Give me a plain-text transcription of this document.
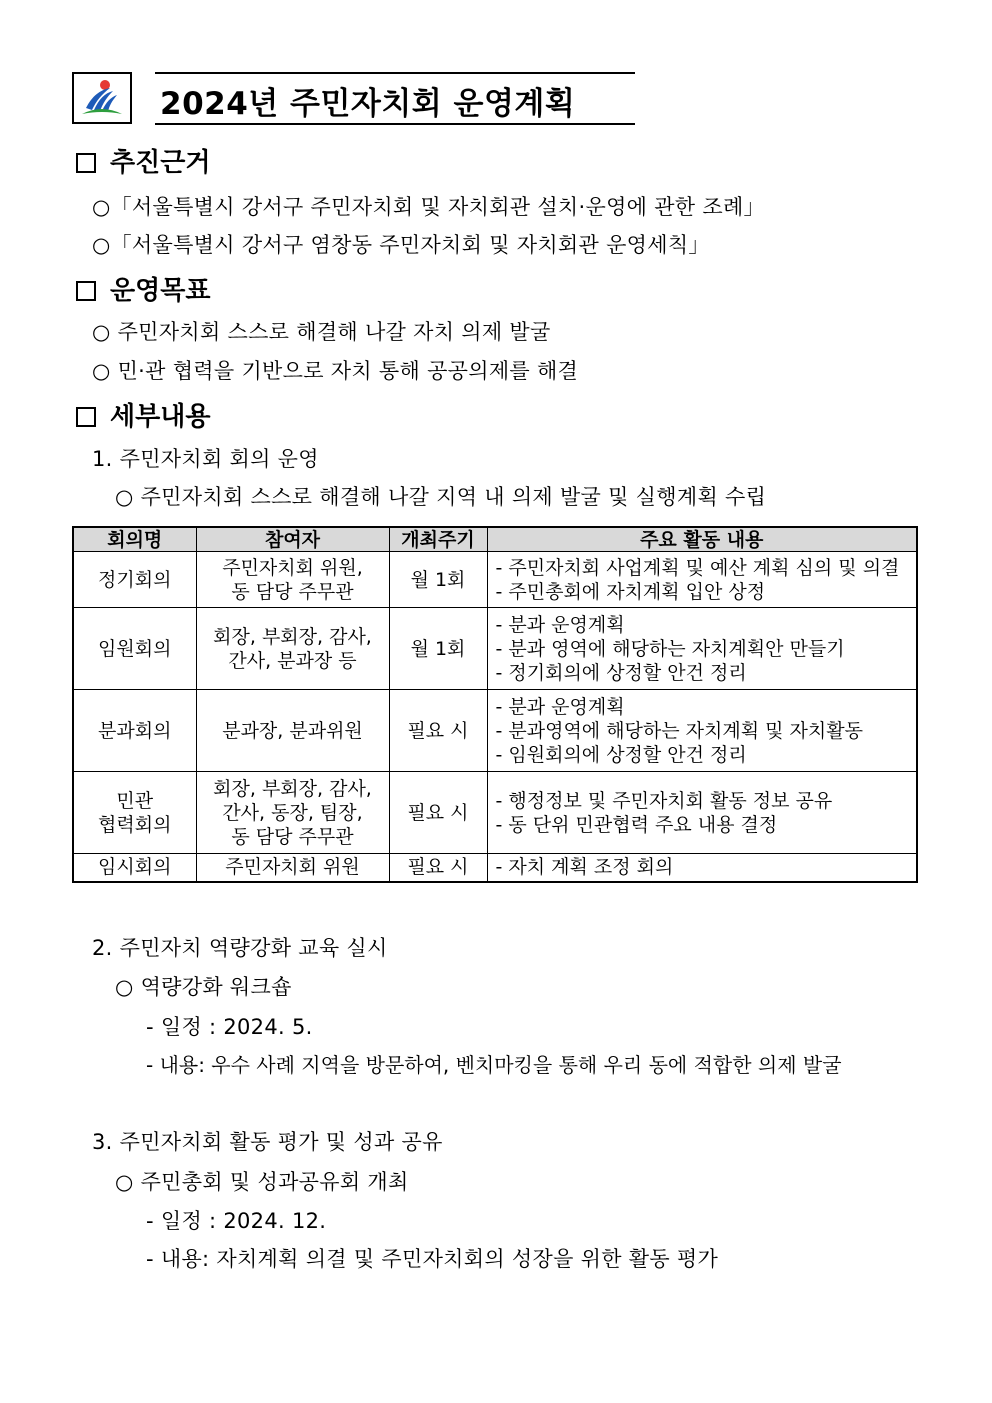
2024년 주민자치회 운영계획
추진근거
○「서울특별시 강서구 주민자치회 및 자치회관 설치·운영에 관한 조례」
○「서울특별시 강서구 염창동 주민자치회 및 자치회관 운영세칙」
운영목표
○ 주민자치회 스스로 해결해 나갈 자치 의제 발굴
○ 민·관 협력을 기반으로 자치 통해 공공의제를 해결
세부내용
1. 주민자치회 회의 운영
○ 주민자치회 스스로 해결해 나갈 지역 내 의제 발굴 및 실행계획 수립
회의명	참여자	개최주기	주요 활동 내용

정기회의	주민자치회 위원,
동 담당 주무관	월 1회	- 주민자치회 사업계획 및 예산 계획 심의 및 의결
- 주민총회에 자치계획 입안 상정

임원회의	회장, 부회장, 감사,
간사, 분과장 등	월 1회	- 분과 운영계획
- 분과 영역에 해당하는 자치계획안 만들기
- 정기회의에 상정할 안건 정리

분과회의	분과장, 분과위원	필요 시	- 분과 운영계획
- 분과영역에 해당하는 자치계획 및 자치활동
- 임원회의에 상정할 안건 정리

민관
협력회의	회장, 부회장, 감사,
간사, 동장, 팀장,
동 담당 주무관	필요 시	- 행정정보 및 주민자치회 활동 정보 공유
- 동 단위 민관협력 주요 내용 결정

임시회의	주민자치회 위원	필요 시	- 자치 계획 조정 회의
2. 주민자치 역량강화 교육 실시
○ 역량강화 워크숍
- 일정 : 2024. 5.
- 내용: 우수 사례 지역을 방문하여, 벤치마킹을 통해 우리 동에 적합한 의제 발굴
3. 주민자치회 활동 평가 및 성과 공유
○ 주민총회 및 성과공유회 개최
- 일정 : 2024. 12.
- 내용: 자치계획 의결 및 주민자치회의 성장을 위한 활동 평가
